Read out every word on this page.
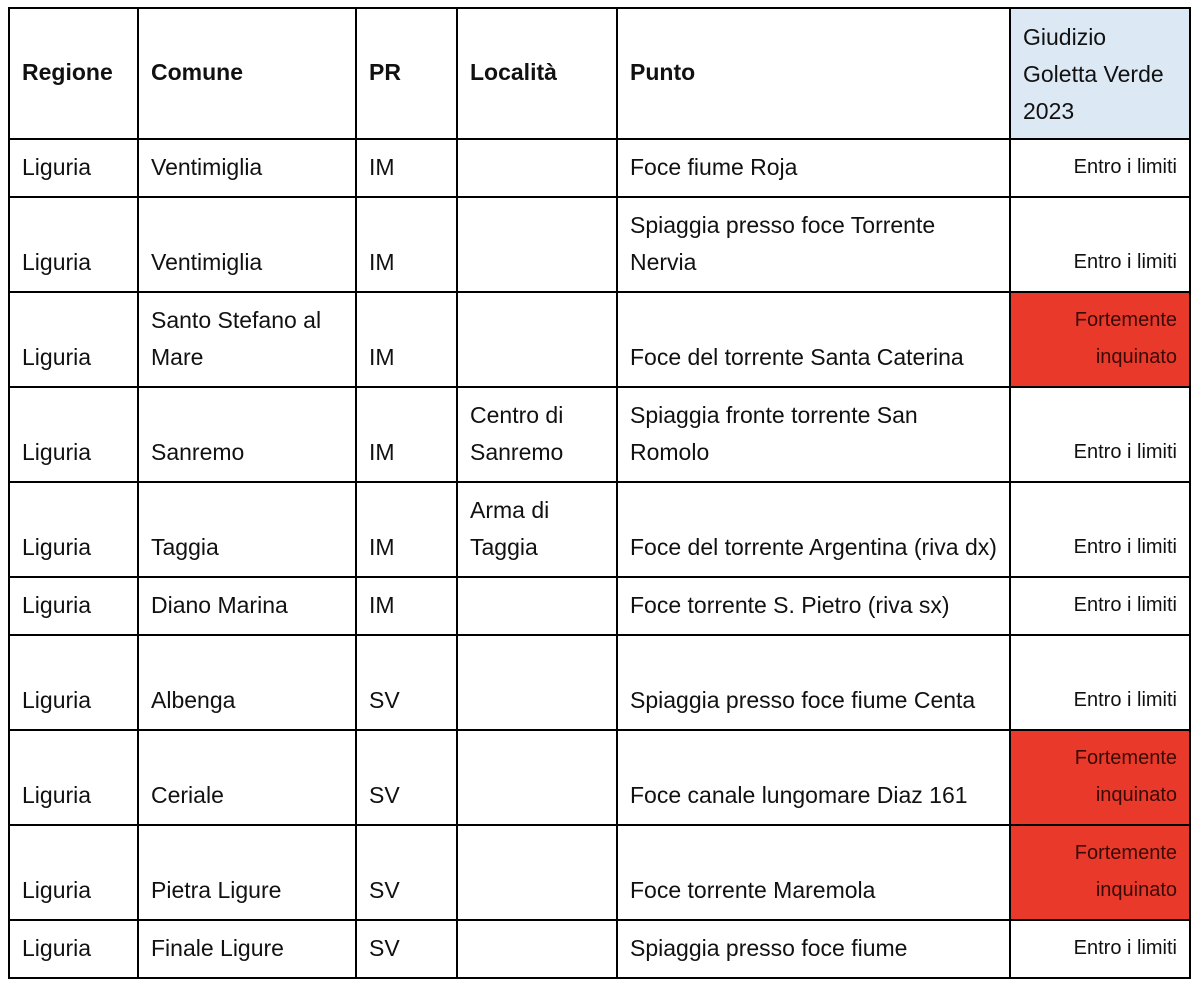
Regione	Comune	PR	Località	Punto	Giudizio Goletta Verde 2023
Liguria	Ventimiglia	IM		Foce fiume Roja	Entro i limiti
Liguria	Ventimiglia	IM		Spiaggia presso foce Torrente Nervia	Entro i limiti
Liguria	Santo Stefano al Mare	IM		Foce del torrente Santa Caterina	Fortemente inquinato
Liguria	Sanremo	IM	Centro di Sanremo	Spiaggia fronte torrente San Romolo	Entro i limiti
Liguria	Taggia	IM	Arma di Taggia	Foce del torrente Argentina (riva dx)	Entro i limiti
Liguria	Diano Marina	IM		Foce torrente S. Pietro (riva sx)	Entro i limiti
Liguria	Albenga	SV		Spiaggia presso foce fiume Centa	Entro i limiti
Liguria	Ceriale	SV		Foce canale lungomare Diaz 161	Fortemente inquinato
Liguria	Pietra Ligure	SV		Foce torrente Maremola	Fortemente inquinato
Liguria	Finale Ligure	SV		Spiaggia presso foce fiume	Entro i limiti
